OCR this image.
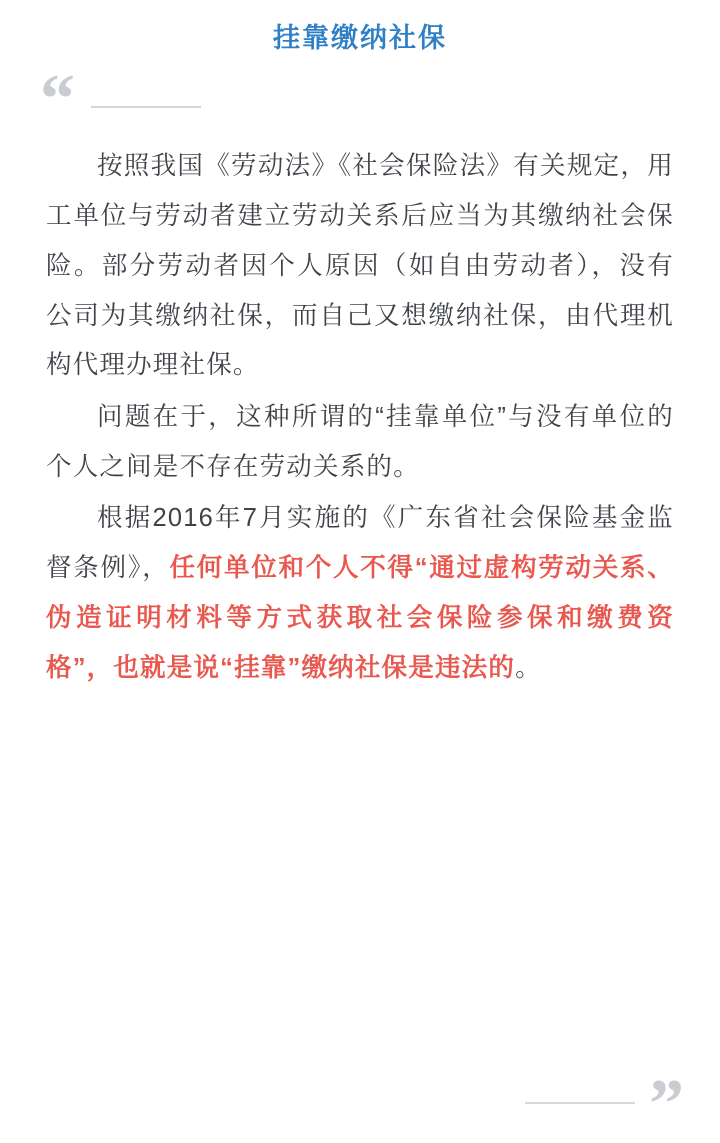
挂靠缴纳社保
“

按照我国《劳动法》《社会保险法》有关规定，用工单位与劳动者建立劳动关系后应当为其缴纳社会保险。部分劳动者因个人原因（如自由劳动者），没有公司为其缴纳社保，而自己又想缴纳社保，由代理机构代理办理社保。

问题在于，这种所谓的“挂靠单位”与没有单位的个人之间是不存在劳动关系的。

根据2016年7月实施的《广东省社会保险基金监督条例》，任何单位和个人不得“通过虚构劳动关系、伪造证明材料等方式获取社会保险参保和缴费资格”，也就是说“挂靠”缴纳社保是违法的。

”
